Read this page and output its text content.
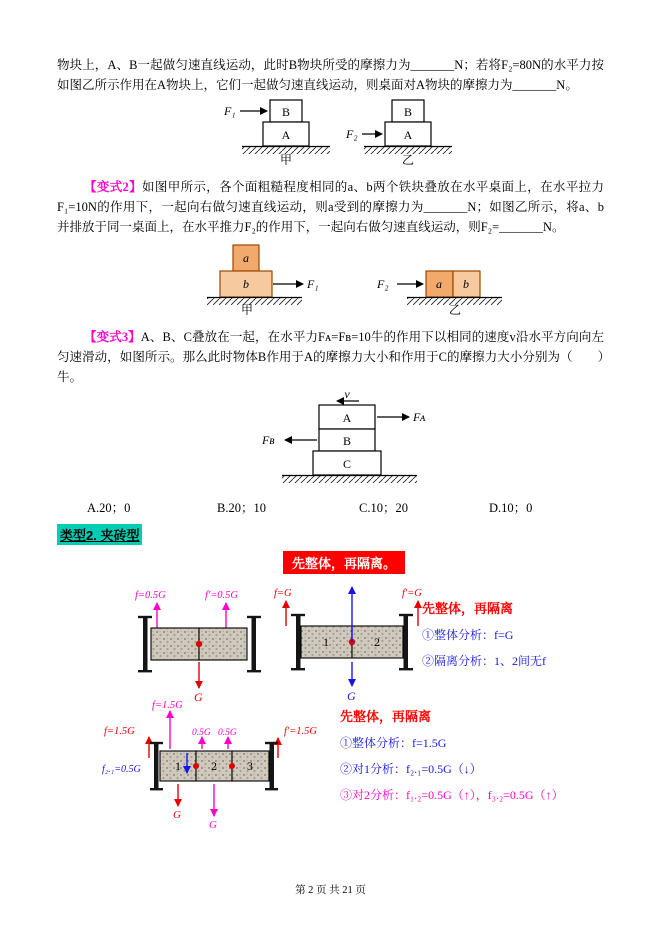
物块上，A、B一起做匀速直线运动，此时B物块所受的摩擦力为_______N；若将F₂=80N的水平力按如图乙所示作用在A物块上，它们一起做匀速直线运动，则桌面对A物块的摩擦力为_______N。

F₁	B
A
甲
F₂
B
A
乙

【变式2】如图甲所示，各个面粗糙程度相同的a、b两个铁块叠放在水平桌面上，在水平拉力F₁=10N的作用下，一起向右做匀速直线运动，则a受到的摩擦力为_______N；如图乙所示，将a、b并排放于同一桌面上，在水平推力F₂的作用下，一起向右做匀速直线运动，则F₂=_______N。

a
b	F₁
甲
F₂	a b
乙

【变式3】A、B、C叠放在一起，在水平力Fᴀ=Fʙ=10牛的作用下以相同的速度v沿水平方向向左匀速滑动，如图所示。那么此时物体B作用于A的摩擦力大小和作用于C的摩擦力大小分别为（　　）牛。

v
A
B
C
Fᴀ
Fʙ
A.20；0	B.20；10	C.10；20	D.10；0
类型2. 夹砖型
先整体，再隔离。
f=0.5G	f′=0.5G
G
f=G	f′=G
1	2
G
先整体，再隔离
①整体分析：f=G
②隔离分析：1、2间无f
f=1.5G
f=1.5G	0.5G 0.5G	f′=1.5G
1	2	3
f₂.₁=0.5G
G
G
先整体，再隔离
①整体分析：f=1.5G
②对1分析：f₂.₁=0.5G（↓）
③对2分析：f₁.₂=0.5G（↑），f₃.₂=0.5G（↑）
第 2 页 共 21 页
